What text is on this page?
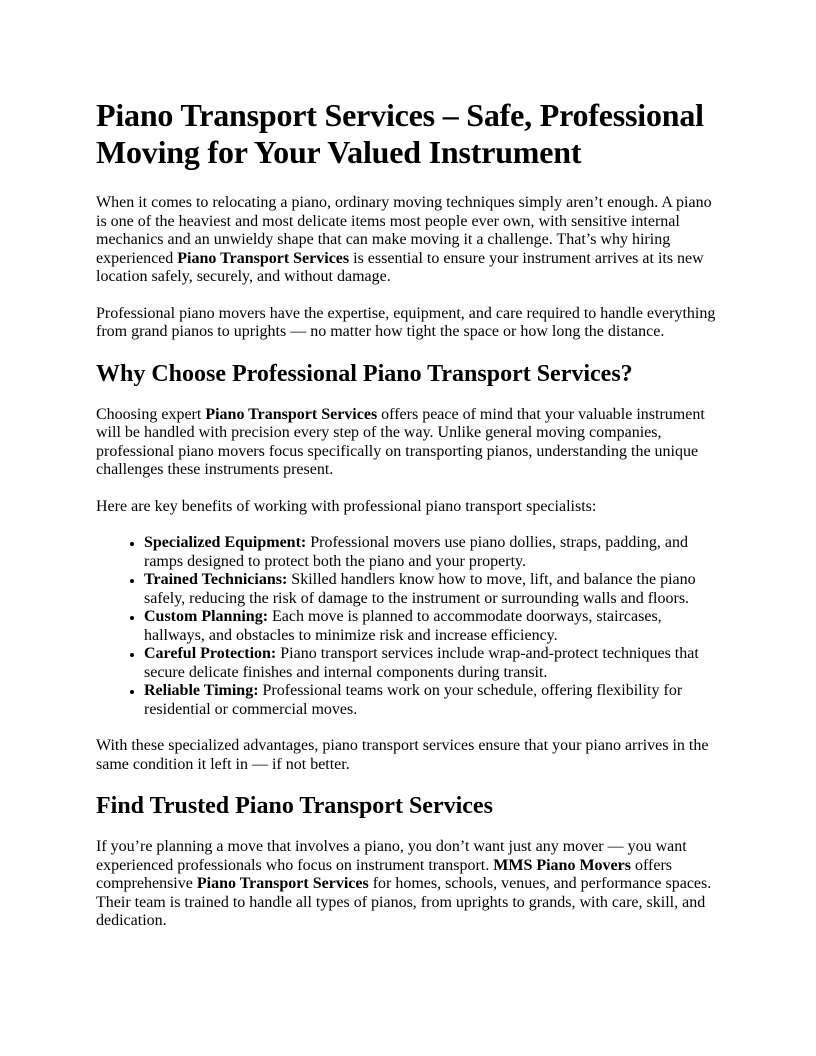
Piano Transport Services – Safe, Professional Moving for Your Valued Instrument

When it comes to relocating a piano, ordinary moving techniques simply aren’t enough. A piano is one of the heaviest and most delicate items most people ever own, with sensitive internal mechanics and an unwieldy shape that can make moving it a challenge. That’s why hiring experienced Piano Transport Services is essential to ensure your instrument arrives at its new location safely, securely, and without damage.

Professional piano movers have the expertise, equipment, and care required to handle everything from grand pianos to uprights — no matter how tight the space or how long the distance.

Why Choose Professional Piano Transport Services?

Choosing expert Piano Transport Services offers peace of mind that your valuable instrument will be handled with precision every step of the way. Unlike general moving companies, professional piano movers focus specifically on transporting pianos, understanding the unique challenges these instruments present.

Here are key benefits of working with professional piano transport specialists:

• Specialized Equipment: Professional movers use piano dollies, straps, padding, and ramps designed to protect both the piano and your property.
• Trained Technicians: Skilled handlers know how to move, lift, and balance the piano safely, reducing the risk of damage to the instrument or surrounding walls and floors.
• Custom Planning: Each move is planned to accommodate doorways, staircases, hallways, and obstacles to minimize risk and increase efficiency.
• Careful Protection: Piano transport services include wrap-and-protect techniques that secure delicate finishes and internal components during transit.
• Reliable Timing: Professional teams work on your schedule, offering flexibility for residential or commercial moves.

With these specialized advantages, piano transport services ensure that your piano arrives in the same condition it left in — if not better.

Find Trusted Piano Transport Services

If you’re planning a move that involves a piano, you don’t want just any mover — you want experienced professionals who focus on instrument transport. MMS Piano Movers offers comprehensive Piano Transport Services for homes, schools, venues, and performance spaces. Their team is trained to handle all types of pianos, from uprights to grands, with care, skill, and dedication.
